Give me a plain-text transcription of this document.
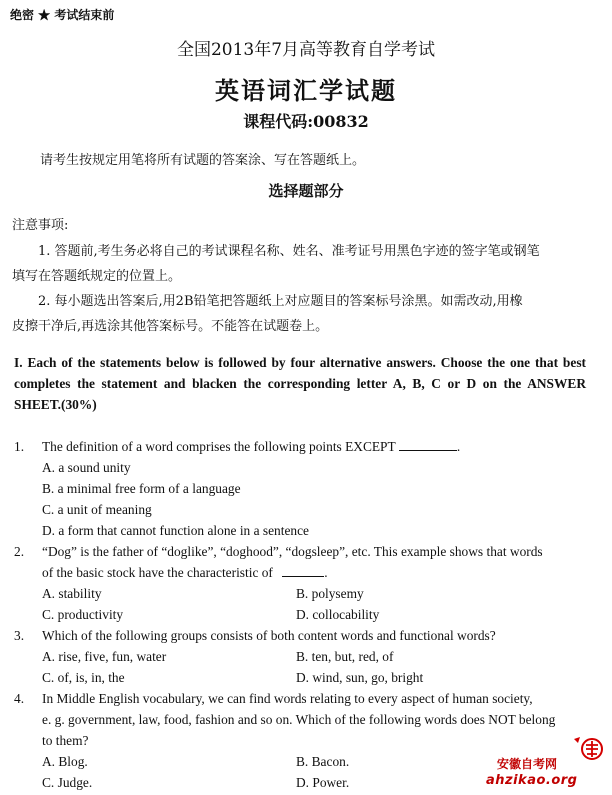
绝密 ★ 考试结束前
全国2013年7月高等教育自学考试
英语词汇学试题
课程代码:00832
请考生按规定用笔将所有试题的答案涂、写在答题纸上。
选择题部分
注意事项:
1. 答题前,考生务必将自己的考试课程名称、姓名、准考证号用黑色字迹的签字笔或钢笔
填写在答题纸规定的位置上。
2. 每小题选出答案后,用2B铅笔把答题纸上对应题目的答案标号涂黑。如需改动,用橡
皮擦干净后,再选涂其他答案标号。不能答在试题卷上。
I. Each of the statements below is followed by four alternative answers. Choose the one that best completes the statement and blacken the corresponding letter A, B, C or D on the ANSWER SHEET.(30%)
1. The definition of a word comprises the following points EXCEPT	.
A. a sound unity
B. a minimal free form of a language
C. a unit of meaning
D. a form that cannot function alone in a sentence
2. “Dog” is the father of “doglike”, “doghood”, “dogsleep”, etc. This example shows that words
of the basic stock have the characteristic of	.
A. stability	B. polysemy
C. productivity	D. collocability
3. Which of the following groups consists of both content words and functional words?
A. rise, five, fun, water	B. ten, but, red, of
C. of, is, in, the	D. wind, sun, go, bright
4. In Middle English vocabulary, we can find words relating to every aspect of human society,
e. g. government, law, food, fashion and so on. Which of the following words does NOT belong
to them?
A. Blog.	B. Bacon.
C. Judge.	D. Power.
安徽自考网
ahzikao.org
